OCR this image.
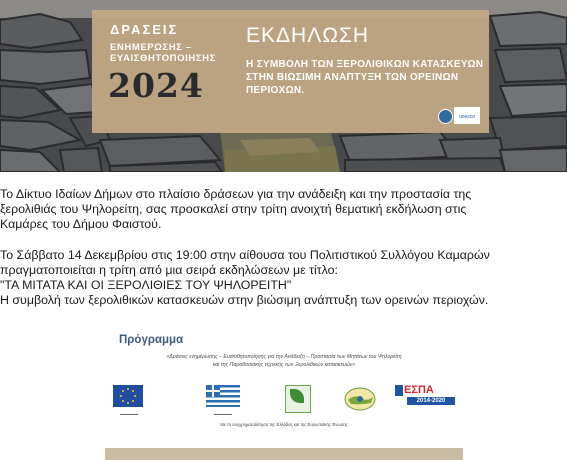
ΔΡΑΣΕΙΣ
ΕΝΗΜΕΡΩΣΗΣ –
ΕΥΑΙΣΘΗΤΟΠΟΙΗΣΗΣ
2024
ΕΚΔΗΛΩΣΗ
Η ΣΥΜΒΟΛΗ ΤΩΝ ΞΕΡΟΛΙΘΙΚΩΝ ΚΑΤΑΣΚΕΥΩΝ ΣΤΗΝ ΒΙΩΣΙΜΗ ΑΝΑΠΤΥΞΗ ΤΩΝ ΟΡΕΙΝΩΝ ΠΕΡΙΟΧΩΝ.
unesco
Το Δίκτυο Ιδαίων Δήμων στο πλαίσιο δράσεων για την ανάδειξη και την προστασία της
ξερολιθιάς του Ψηλορείτη, σας προσκαλεί στην τρίτη ανοιχτή θεματική εκδήλωση στις
Καμάρες του Δήμου Φαιστού.
Το Σάββατο 14 Δεκεμβρίου στις 19:00 στην αίθουσα του Πολιτιστικού Συλλόγου Καμαρών
πραγματοποιείται η τρίτη από μια σειρά εκδηλώσεων με τίτλο:
"ΤΑ ΜΙΤΑΤΑ ΚΑΙ ΟΙ ΞΕΡΟΛΙΘΙΕΣ ΤΟΥ ΨΗΛΟΡΕΙΤΗ"
Η συμβολή των ξερολιθικών κατασκευών στην βιώσιμη ανάπτυξη των ορεινών περιοχών.
Πρόγραμμα
«Δράσεις ενημέρωσης – Ευαισθητοποίησης για την Ανάδειξη – Προστασία των Μητάτων του Ψηλορείτη
και της Παραδοσιακής τεχνικής των Ξερολιθικών κατασκευών»
▬▬▬▬▬▬	▬▬▬▬▬▬
ΕΣΠΑ
2014-2020
Με τη συγχρηματοδότηση της Ελλάδας και της Ευρωπαϊκής Ένωσης
